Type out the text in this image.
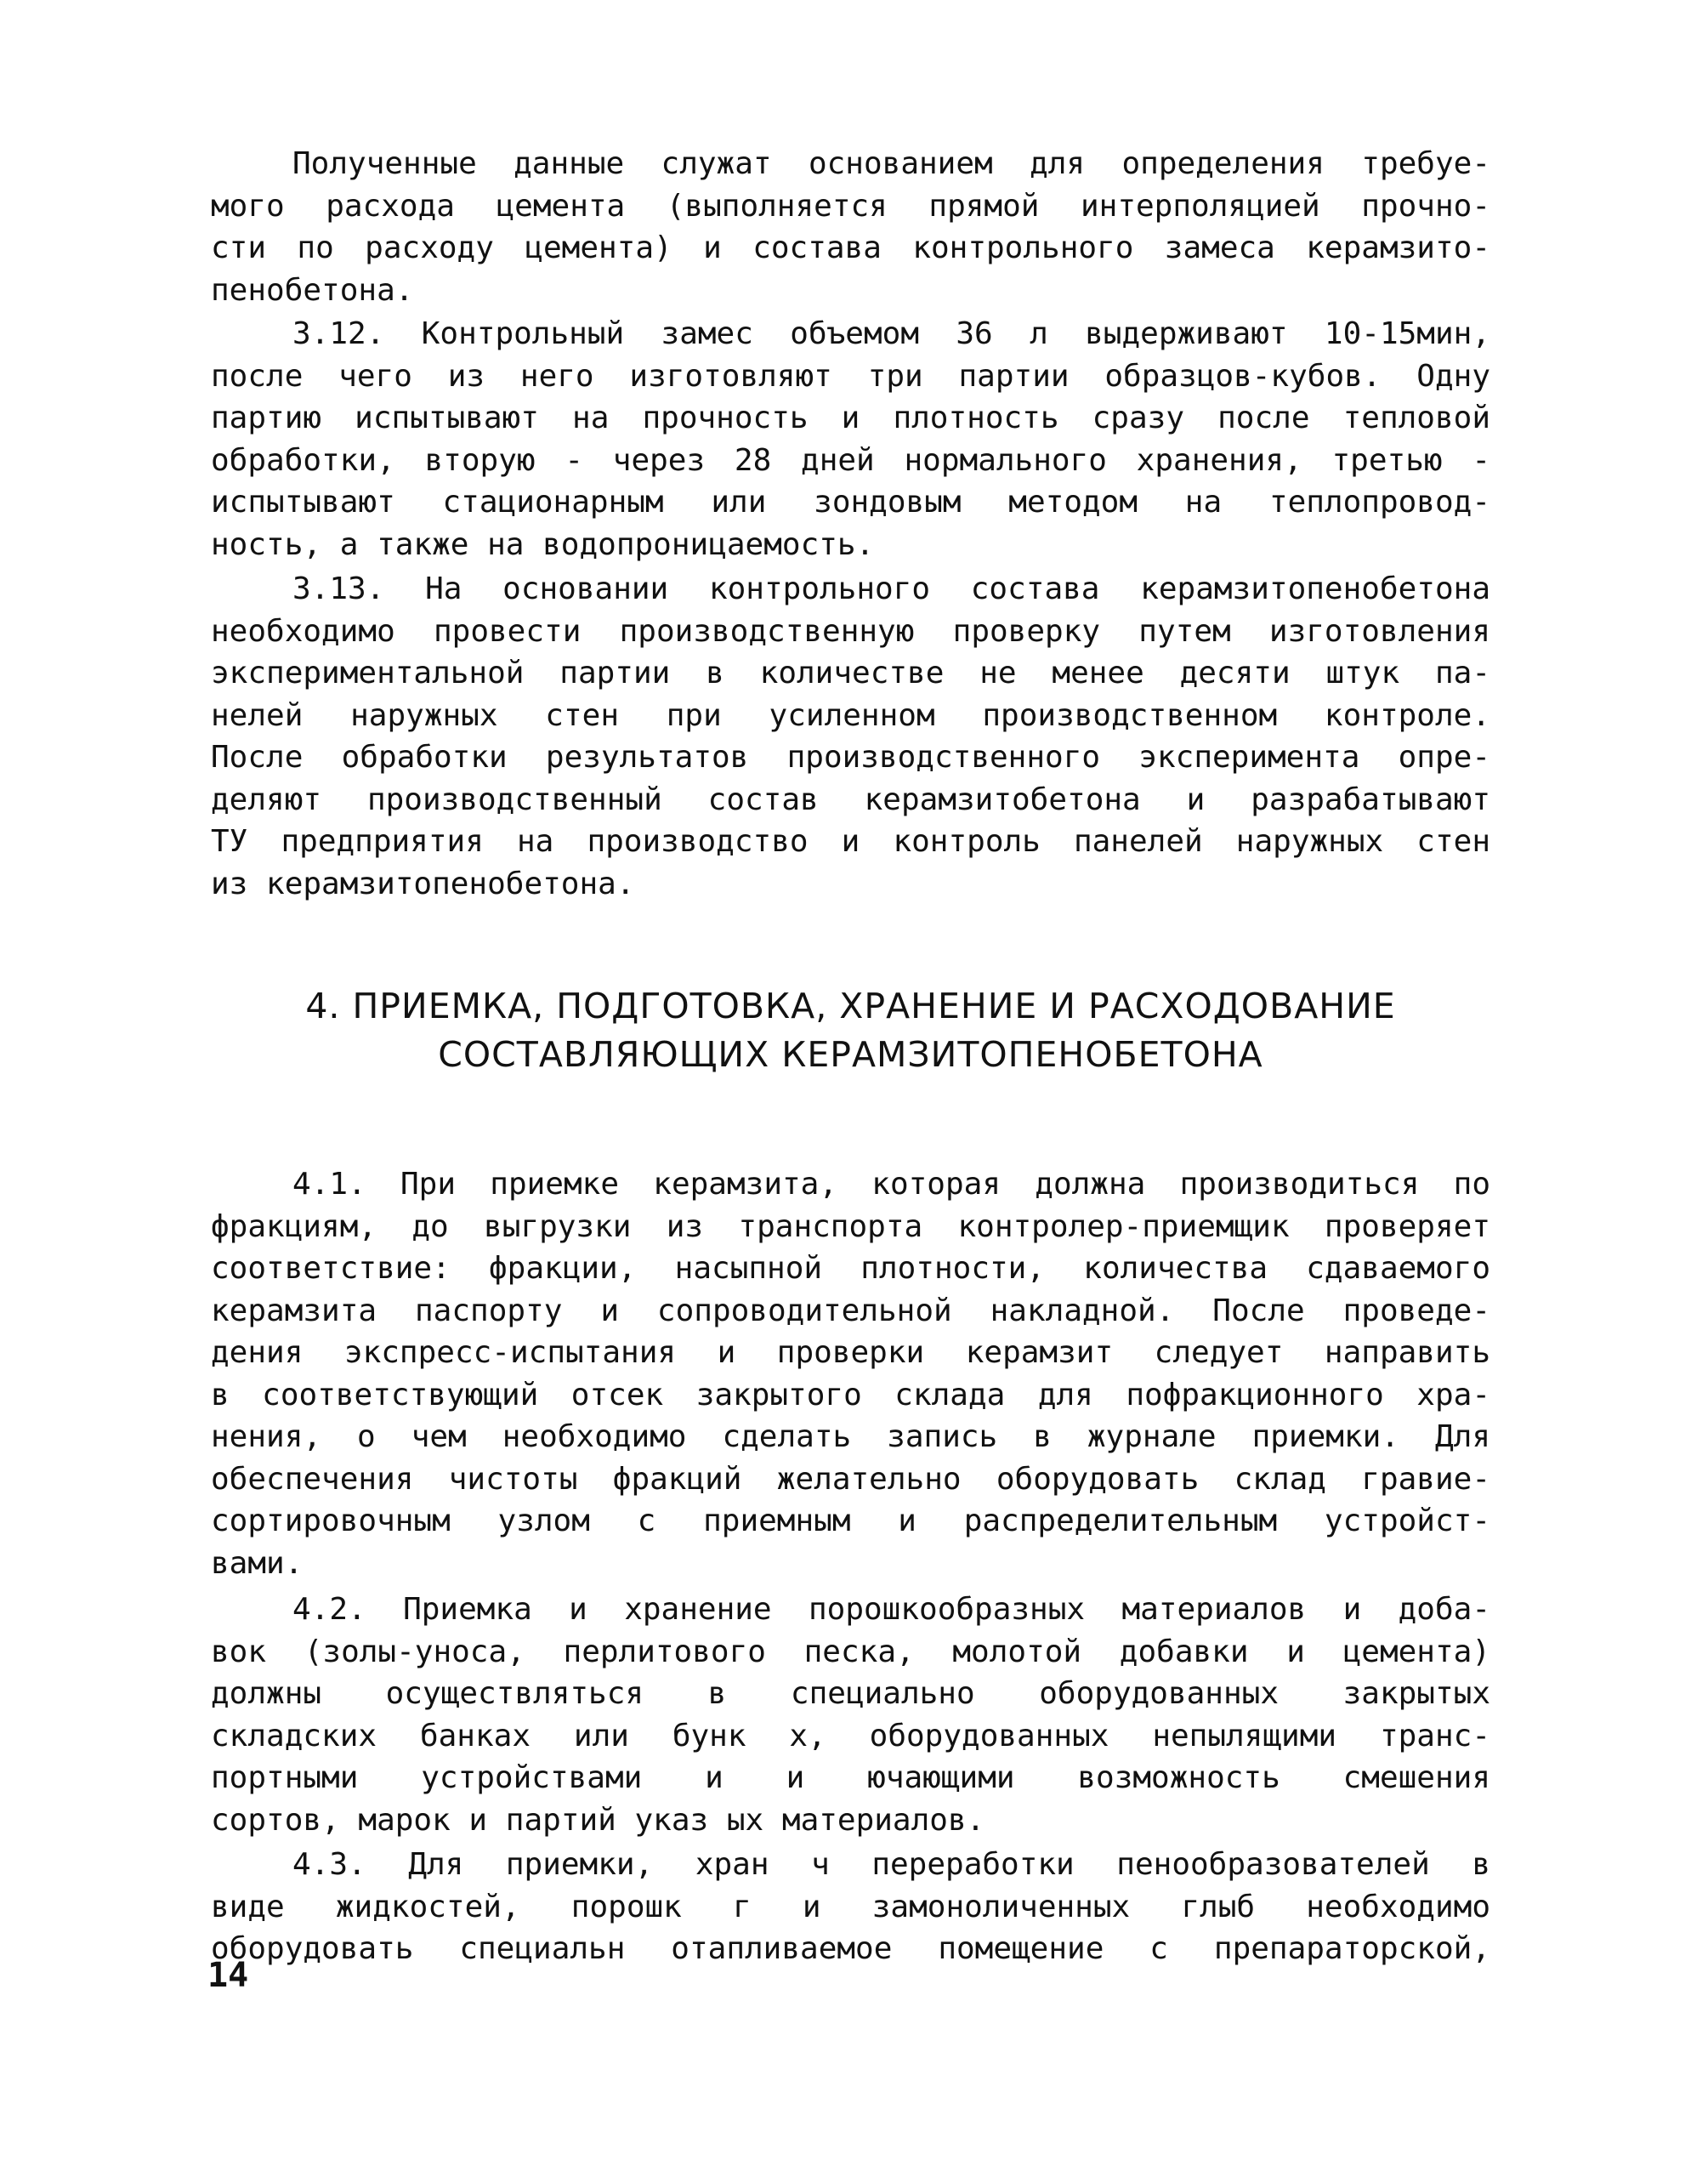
Полученные данные служат основанием для определения требуе-
мого расхода цемента (выполняется прямой интерполяцией прочно-
сти по расходу цемента) и состава контрольного замеса керамзито-
пенобетона.
3.12. Контрольный замес объемом 36 л выдерживают 10-15мин,
после чего из него изготовляют три партии образцов-кубов. Одну
партию испытывают на прочность и плотность сразу после тепловой
обработки, вторую - через 28 дней нормального хранения, третью -
испытывают стационарным или зондовым методом на теплопровод-
ность, а также на водопроницаемость.
3.13. На основании контрольного состава керамзитопенобетона
необходимо провести производственную проверку путем изготовления
экспериментальной партии в количестве не менее десяти штук па-
нелей наружных стен при усиленном производственном контроле.
После обработки результатов производственного эксперимента опре-
деляют производственный состав керамзитобетона и разрабатывают
ТУ предприятия на производство и контроль панелей наружных стен
из керамзитопенобетона.
4. ПРИЕМКА, ПОДГОТОВКА, ХРАНЕНИЕ И РАСХОДОВАНИЕ
СОСТАВЛЯЮЩИХ КЕРАМЗИТОПЕНОБЕТОНА
4.1. При приемке керамзита, которая должна производиться по
фракциям, до выгрузки из транспорта контролер-приемщик проверяет
соответствие: фракции, насыпной плотности, количества сдаваемого
керамзита паспорту и сопроводительной накладной. После проведе-
дения экспресс-испытания и проверки керамзит следует направить
в соответствующий отсек закрытого склада для пофракционного хра-
нения, о чем необходимо сделать запись в журнале приемки. Для
обеспечения чистоты фракций желательно оборудовать склад гравие-
сортировочным узлом с приемным и распределительным устройст-
вами.
4.2. Приемка и хранение порошкообразных материалов и доба-
вок (золы-уноса, перлитового песка, молотой добавки и цемента)
должны осуществляться в специально оборудованных закрытых
складских банках или бунк х, оборудованных непылящими транс-
портными устройствами и и ючающими возможность смешения
сортов, марок и партий указ ых материалов.
4.3. Для приемки, хран ч переработки пенообразователей в
виде жидкостей, порошк г и замоноличенных глыб необходимо
оборудовать специальн отапливаемое помещение с препараторской,
14
